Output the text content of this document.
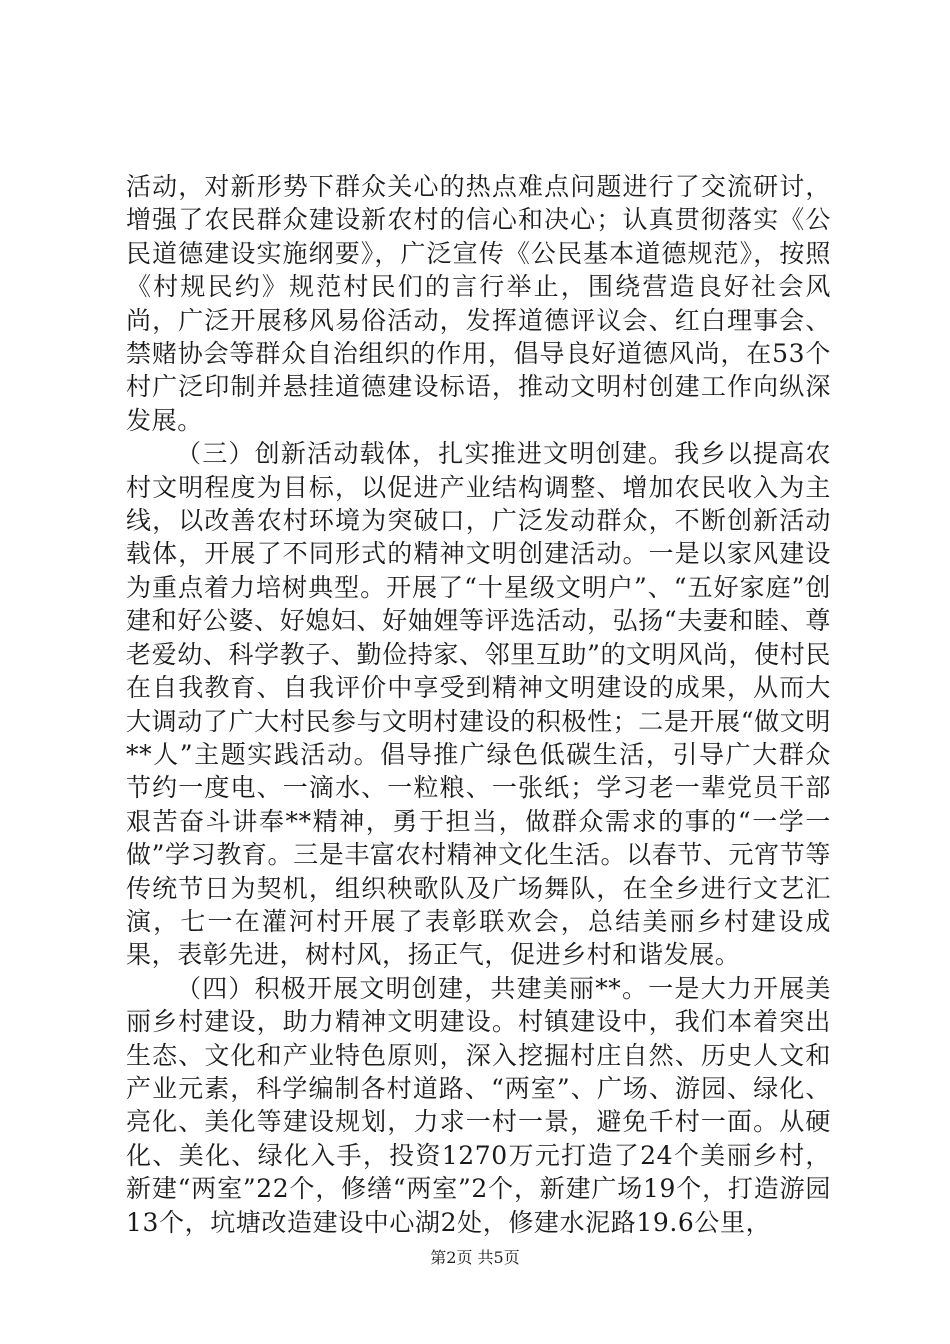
活动，对新形势下群众关心的热点难点问题进行了交流研讨，增强了农民群众建设新农村的信心和决心；认真贯彻落实《公民道德建设实施纲要》，广泛宣传《公民基本道德规范》，按照《村规民约》规范村民们的言行举止，围绕营造良好社会风尚，广泛开展移风易俗活动，发挥道德评议会、红白理事会、禁赌协会等群众自治组织的作用，倡导良好道德风尚，在53个村广泛印制并悬挂道德建设标语，推动文明村创建工作向纵深发展。

（三）创新活动载体，扎实推进文明创建。我乡以提高农村文明程度为目标，以促进产业结构调整、增加农民收入为主线，以改善农村环境为突破口，广泛发动群众，不断创新活动载体，开展了不同形式的精神文明创建活动。一是以家风建设为重点着力培树典型。开展了“十星级文明户”、“五好家庭”创建和好公婆、好媳妇、好妯娌等评选活动，弘扬“夫妻和睦、尊老爱幼、科学教子、勤俭持家、邻里互助”的文明风尚，使村民在自我教育、自我评价中享受到精神文明建设的成果，从而大大调动了广大村民参与文明村建设的积极性；二是开展“做文明**人”主题实践活动。倡导推广绿色低碳生活，引导广大群众节约一度电、一滴水、一粒粮、一张纸；学习老一辈党员干部艰苦奋斗讲奉**精神，勇于担当，做群众需求的事的“一学一做”学习教育。三是丰富农村精神文化生活。以春节、元宵节等传统节日为契机，组织秧歌队及广场舞队，在全乡进行文艺汇演，七一在灌河村开展了表彰联欢会，总结美丽乡村建设成果，表彰先进，树村风，扬正气，促进乡村和谐发展。

（四）积极开展文明创建，共建美丽**。一是大力开展美丽乡村建设，助力精神文明建设。村镇建设中，我们本着突出生态、文化和产业特色原则，深入挖掘村庄自然、历史人文和产业元素，科学编制各村道路、“两室”、广场、游园、绿化、亮化、美化等建设规划，力求一村一景，避免千村一面。从硬化、美化、绿化入手，投资1270万元打造了24个美丽乡村，新建“两室”22个，修缮“两室”2个，新建广场19个，打造游园13个，坑塘改造建设中心湖2处，修建水泥路19.6公里，

第2页 共5页
